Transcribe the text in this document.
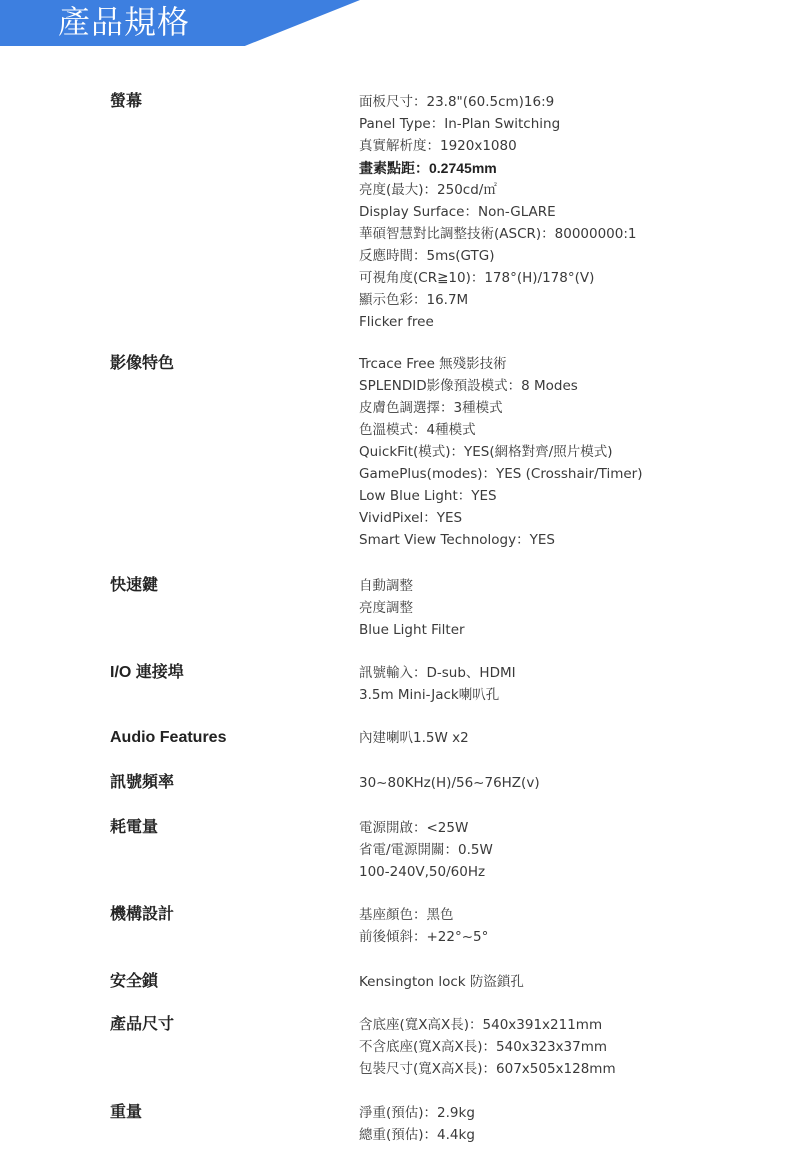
產品規格
螢幕	面板尺寸：23.8"(60.5cm)16:9
Panel Type：In-Plan Switching
真實解析度：1920x1080
畫素點距：0.2745mm
亮度(最大)：250cd/㎡
Display Surface：Non-GLARE
華碩智慧對比調整技術(ASCR)：80000000:1
反應時間：5ms(GTG)
可視角度(CR≧10)：178°(H)/178°(V)
顯示色彩：16.7M
Flicker free
影像特色	Trcace Free 無殘影技術
SPLENDID影像預設模式：8 Modes
皮膚色調選擇：3種模式
色溫模式：4種模式
QuickFit(模式)：YES(網格對齊/照片模式)
GamePlus(modes)：YES (Crosshair/Timer)
Low Blue Light：YES
VividPixel：YES
Smart View Technology：YES
快速鍵	自動調整
亮度調整
Blue Light Filter
I/O 連接埠	訊號輸入：D-sub、HDMI
3.5m Mini-Jack喇叭孔
Audio Features	內建喇叭1.5W x2
訊號頻率	30~80KHz(H)/56~76HZ(v)
耗電量	電源開啟：<25W
省電/電源開關：0.5W
100-240V,50/60Hz
機構設計	基座顏色：黑色
前後傾斜：+22°~5°
安全鎖	Kensington lock 防盜鎖孔
產品尺寸	含底座(寬X高X長)：540x391x211mm
不含底座(寬X高X長)：540x323x37mm
包裝尺寸(寬X高X長)：607x505x128mm
重量	淨重(預估)：2.9kg
總重(預估)：4.4kg
